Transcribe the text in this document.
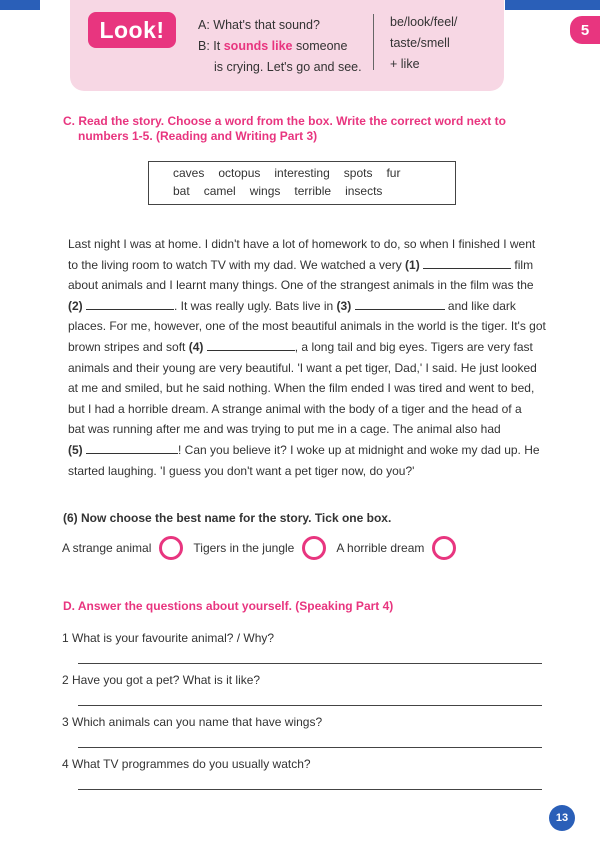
5
Look!	A: What's that sound?
B: It sounds like someone
is crying. Let's go and see.
be/look/feel/
taste/smell
+ like
C. Read the story. Choose a word from the box. Write the correct word next to
numbers 1-5. (Reading and Writing Part 3)
caves octopus interesting spots fur
bat camel wings terrible insects
Last night I was at home. I didn't have a lot of homework to do, so when I finished I went
to the living room to watch TV with my dad. We watched a very (1)	film
about animals and I learnt many things. One of the strangest animals in the film was the
(2)	. It was really ugly. Bats live in (3)	and like dark
places. For me, however, one of the most beautiful animals in the world is the tiger. It's got
brown stripes and soft (4)	, a long tail and big eyes. Tigers are very fast
animals and their young are very beautiful. 'I want a pet tiger, Dad,' I said. He just looked
at me and smiled, but he said nothing. When the film ended I was tired and went to bed,
but I had a horrible dream. A strange animal with the body of a tiger and the head of a
bat was running after me and was trying to put me in a cage. The animal also had
(5)	! Can you believe it? I woke up at midnight and woke my dad up. He
started laughing. 'I guess you don't want a pet tiger now, do you?'
(6) Now choose the best name for the story. Tick one box.
A strange animal	Tigers in the jungle	A horrible dream
D. Answer the questions about yourself. (Speaking Part 4)
1 What is your favourite animal? / Why?
2 Have you got a pet? What is it like?
3 Which animals can you name that have wings?
4 What TV programmes do you usually watch?
13
